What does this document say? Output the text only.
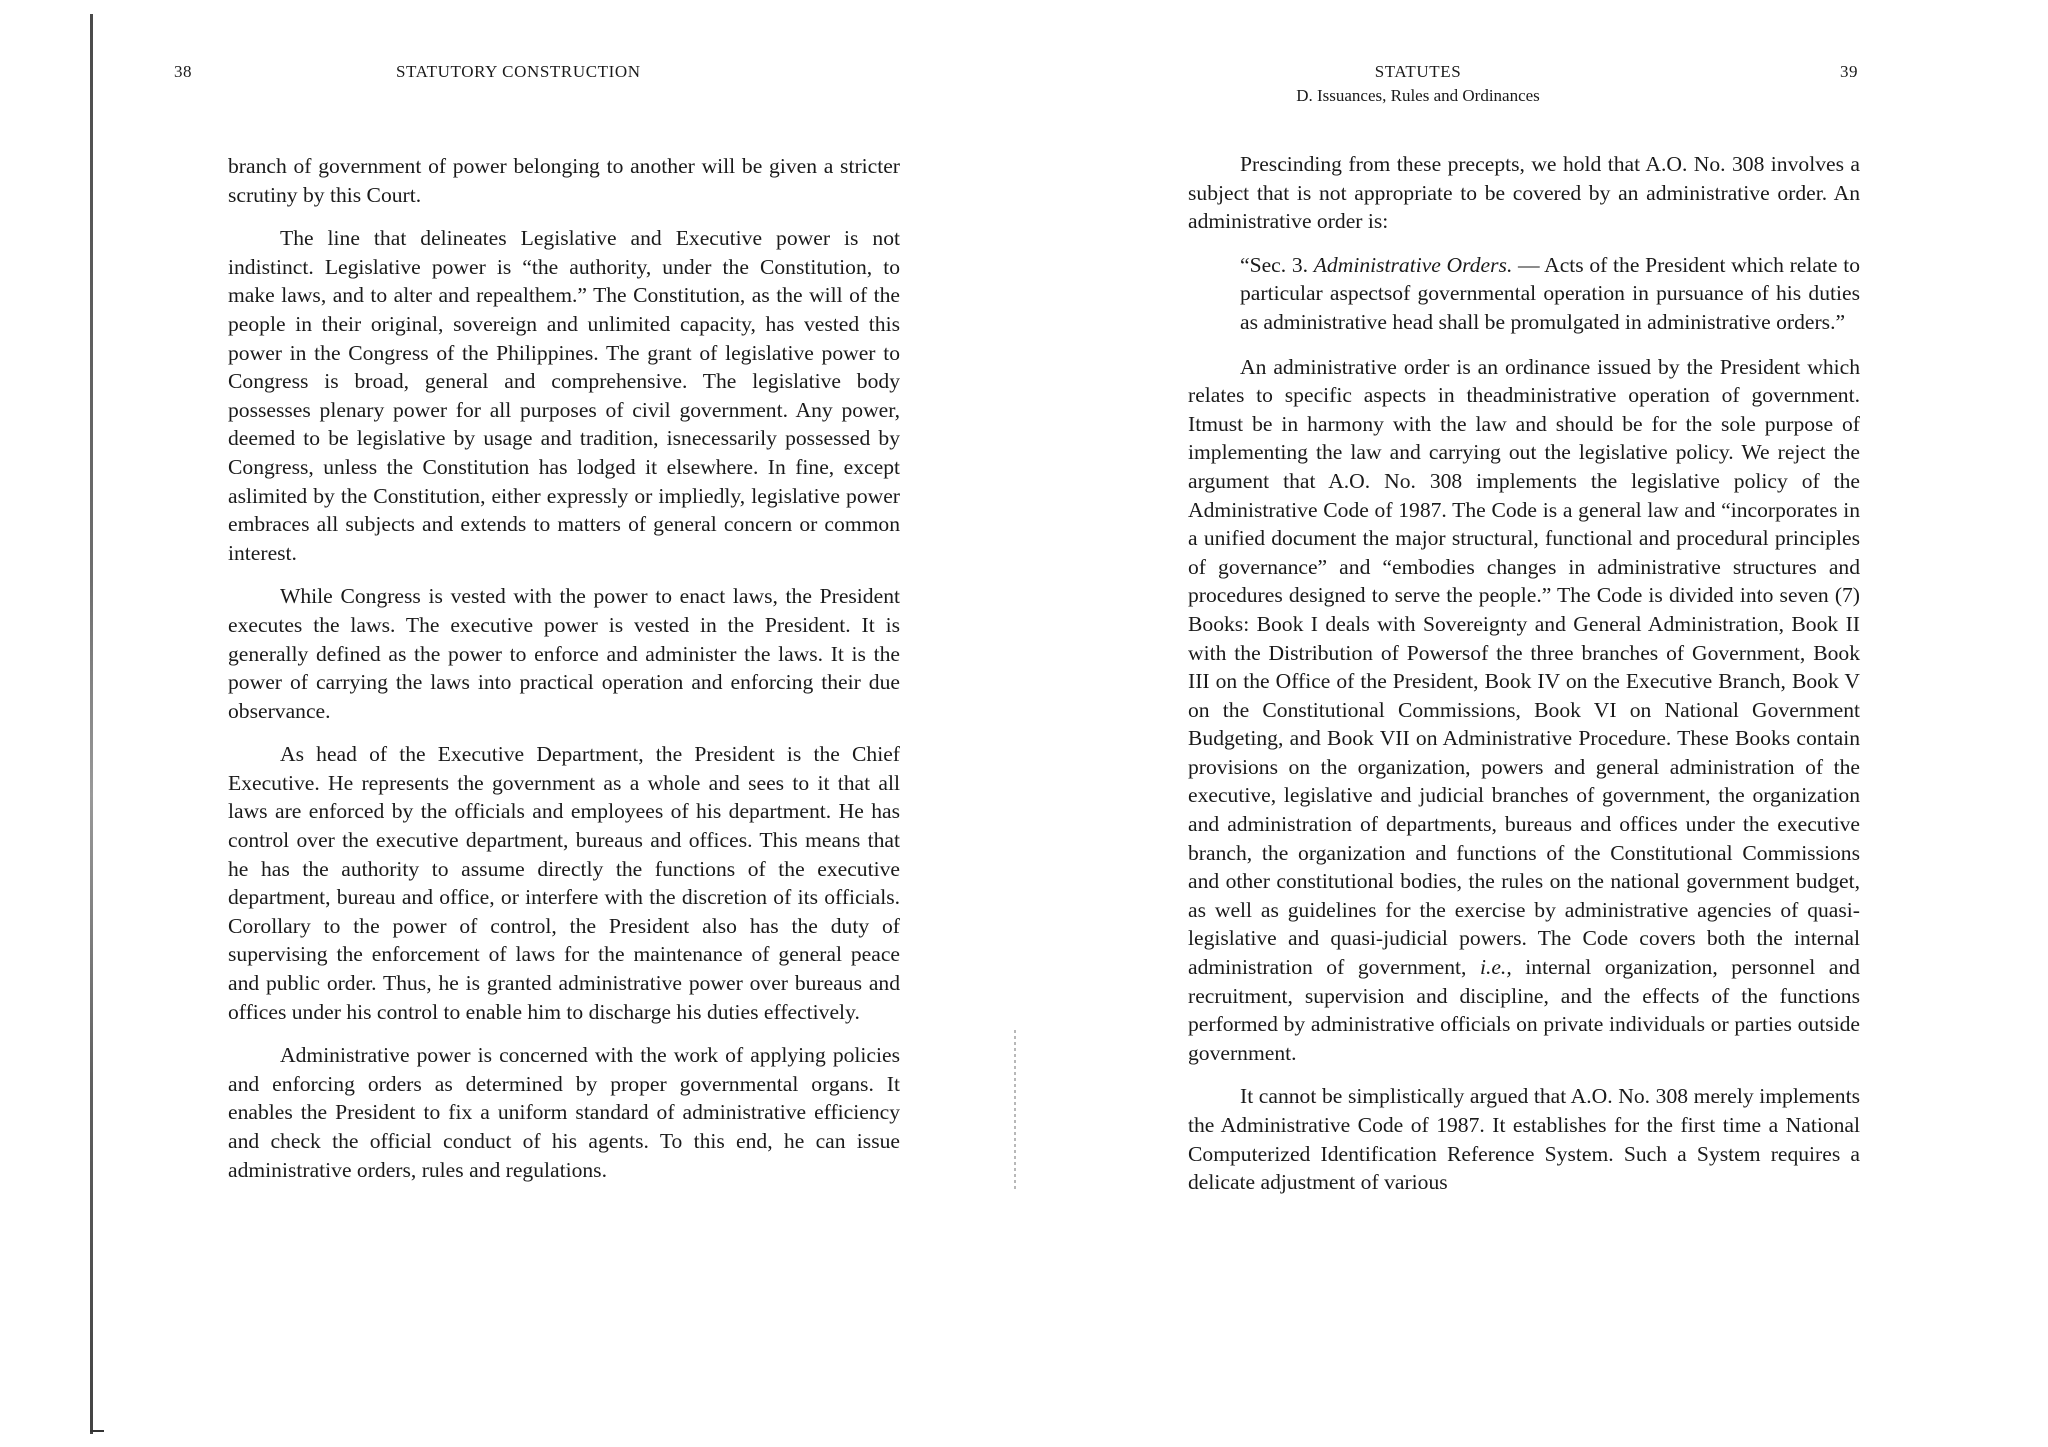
38	STATUTORY CONSTRUCTION

branch of government of power belonging to another will be given a stricter scrutiny by this Court.

The line that delineates Legislative and Executive power is not indistinct. Legislative power is “the authority, under the Constitution, to make laws, and to alter and repealthem.” The Constitution, as the will of the people in their original, sovereign and unlimited capacity, has vested this power in the Congress of the Philippines. The grant of legislative power to Congress is broad, general and comprehensive. The legislative body possesses plenary power for all purposes of civil government. Any power, deemed to be legislative by usage and tradition, isnecessarily possessed by Congress, unless the Constitution has lodged it elsewhere. In fine, except aslimited by the Constitution, either expressly or impliedly, legislative power embraces all subjects and extends to matters of general concern or common interest.

While Congress is vested with the power to enact laws, the President executes the laws. The executive power is vested in the President. It is generally defined as the power to enforce and administer the laws. It is the power of carrying the laws into practical operation and enforcing their due observance.

As head of the Executive Department, the President is the Chief Executive. He represents the government as a whole and sees to it that all laws are enforced by the officials and employees of his department. He has control over the executive department, bureaus and offices. This means that he has the authority to assume directly the functions of the executive department, bureau and office, or interfere with the discretion of its officials. Corollary to the power of control, the President also has the duty of supervising the enforcement of laws for the maintenance of general peace and public order. Thus, he is granted administrative power over bureaus and offices under his control to enable him to discharge his duties effectively.

Administrative power is concerned with the work of applying policies and enforcing orders as determined by proper governmental organs. It enables the President to fix a uniform standard of administrative efficiency and check the official conduct of his agents. To this end, he can issue administrative orders, rules and regulations.

STATUTES
D. Issuances, Rules and Ordinances
39

Prescinding from these precepts, we hold that A.O. No. 308 involves a subject that is not appropriate to be covered by an administrative order. An administrative order is:

“Sec. 3. Administrative Orders. — Acts of the President which relate to particular aspectsof governmental operation in pursuance of his duties as administrative head shall be promulgated in administrative orders.”

An administrative order is an ordinance issued by the President which relates to specific aspects in theadministrative operation of government. Itmust be in harmony with the law and should be for the sole purpose of implementing the law and carrying out the legislative policy. We reject the argument that A.O. No. 308 implements the legislative policy of the Administrative Code of 1987. The Code is a general law and “incorporates in a unified document the major structural, functional and procedural principles of governance” and “embodies changes in administrative structures and procedures designed to serve the people.” The Code is divided into seven (7) Books: Book I deals with Sovereignty and General Administration, Book II with the Distribution of Powersof the three branches of Government, Book III on the Office of the President, Book IV on the Executive Branch, Book V on the Constitutional Commissions, Book VI on National Government Budgeting, and Book VII on Administrative Procedure. These Books contain provisions on the organization, powers and general administration of the executive, legislative and judicial branches of government, the organization and administration of departments, bureaus and offices under the executive branch, the organization and functions of the Constitutional Commissions and other constitutional bodies, the rules on the national government budget, as well as guidelines for the exercise by administrative agencies of quasi-legislative and quasi-judicial powers. The Code covers both the internal administration of government, i.e., internal organization, personnel and recruitment, supervision and discipline, and the effects of the functions performed by administrative officials on private individuals or parties outside government.

It cannot be simplistically argued that A.O. No. 308 merely implements the Administrative Code of 1987. It establishes for the first time a National Computerized Identification Reference System. Such a System requires a delicate adjustment of various
